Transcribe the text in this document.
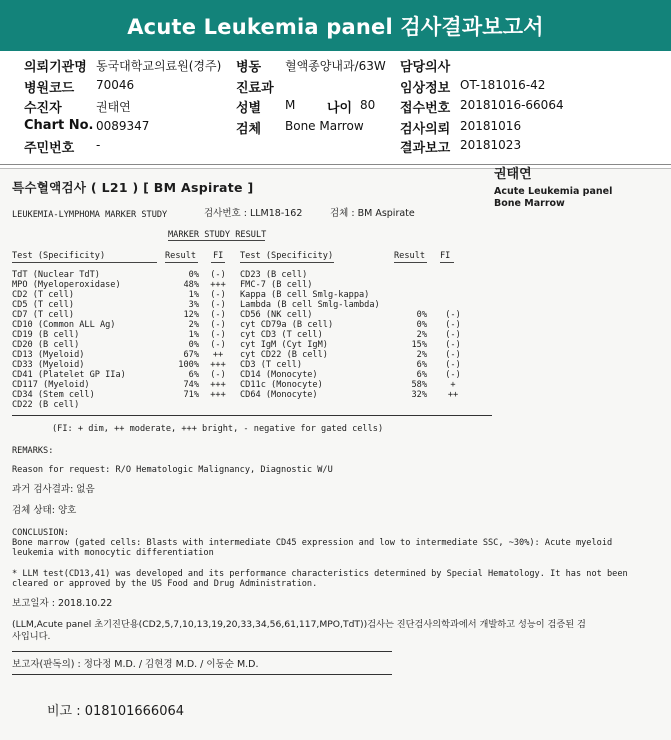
Acute Leukemia panel 검사결과보고서
의뢰기관명 동국대학교의료원(경주) 병동 혈액종양내과/63W 담당의사
병원코드 70046	진료과	임상정보 OT-181016-42
수진자	권태연	성별 M 나이 80 접수번호 20181016-66064
Chart No. 0089347	검체 Bone Marrow	검사의뢰 20181016
주민번호 -	결과보고 20181023
권태연
Acute Leukemia panel
Bone Marrow
특수혈액검사 ( L21 ) [ BM Aspirate ]
LEUKEMIA-LYMPHOMA MARKER STUDY	검사번호 : LLM18-162	검체 : BM Aspirate
MARKER STUDY RESULT
Test (Specificity)	Result FI Test (Specificity)	Result FI
TdT (Nuclear TdT)	0%	(-)
MPO (Myeloperoxidase)	48%	+++
CD2 (T cell)	1%	(-)
CD5 (T cell)	3%	(-)
CD7 (T cell)	12%	(-)
CD10 (Common ALL Ag)	2%	(-)
CD19 (B cell)	1%	(-)
CD20 (B cell)	0%	(-)
CD13 (Myeloid)	67%	++
CD33 (Myeloid)	100%	+++
CD41 (Platelet GP IIa)	6%	(-)
CD117 (Myeloid)	74%	+++
CD34 (Stem cell)	71%	+++
CD22 (B cell)
CD23 (B cell)
FMC-7 (B cell)
Kappa (B cell Smlg-kappa)
Lambda (B cell Smlg-lambda)
CD56 (NK cell)	0%	(-)
cyt CD79a (B cell)	0%	(-)
cyt CD3 (T cell)	2%	(-)
cyt IgM (Cyt IgM)	15%	(-)
cyt CD22 (B cell)	2%	(-)
CD3 (T cell)	6%	(-)
CD14 (Monocyte)	6%	(-)
CD11c (Monocyte)	58%	+
CD64 (Monocyte)	32%	++
(FI: + dim, ++ moderate, +++ bright, - negative for gated cells)
REMARKS:
Reason for request: R/O Hematologic Malignancy, Diagnostic W/U
과거 검사결과: 없음
검체 상태: 양호
CONCLUSION:
Bone marrow (gated cells: Blasts with intermediate CD45 expression and low to intermediate SSC, ~30%): Acute myeloid
leukemia with monocytic differentiation
* LLM test(CD13,41) was developed and its performance characteristics determined by Special Hematology. It has not been
cleared or approved by the US Food and Drug Administration.
보고일자 : 2018.10.22
(LLM,Acute panel 초기진단용(CD2,5,7,10,13,19,20,33,34,56,61,117,MPO,TdT))검사는 진단검사의학과에서 개발하고 성능이 검증된 검
사입니다.
보고자(판독의) : 정다정 M.D. / 김현경 M.D. / 이동순 M.D.
비고 : 018101666064
